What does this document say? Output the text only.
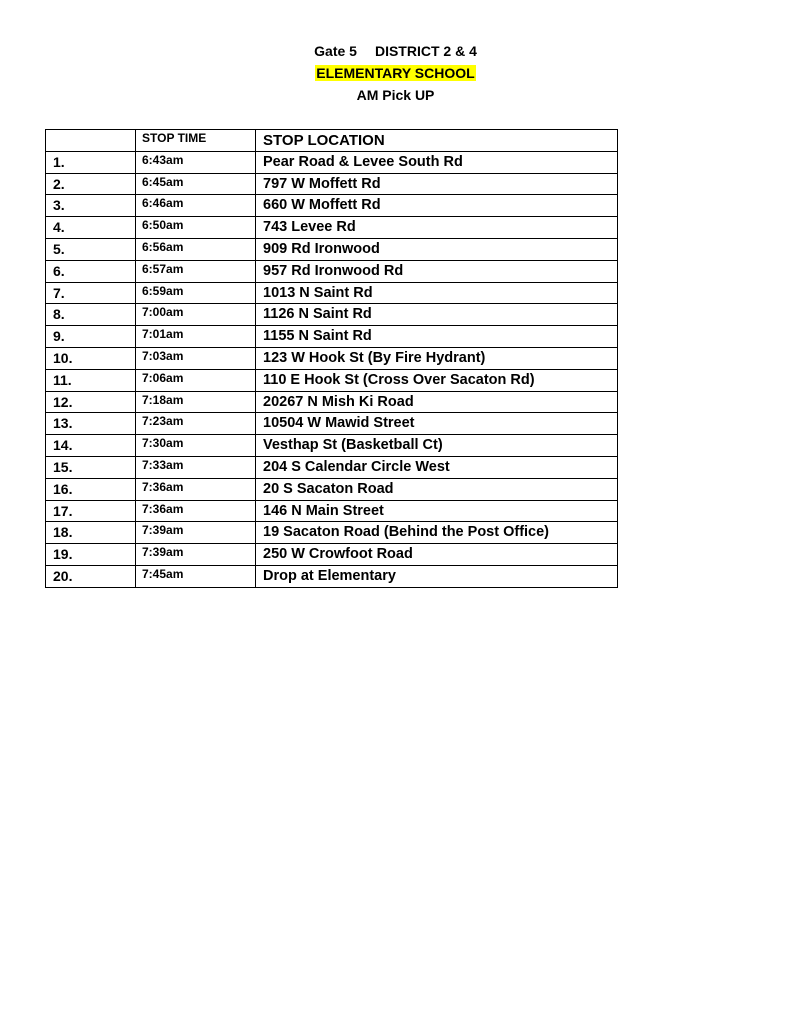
Gate 5 DISTRICT 2 & 4
ELEMENTARY SCHOOL
AM Pick UP
	STOP TIME	STOP LOCATION
1.	6:43am	Pear Road & Levee South Rd
2.	6:45am	797 W Moffett Rd
3.	6:46am	660 W Moffett Rd
4.	6:50am	743 Levee Rd
5.	6:56am	909 Rd Ironwood
6.	6:57am	957 Rd Ironwood Rd
7.	6:59am	1013 N Saint Rd
8.	7:00am	1126 N Saint Rd
9.	7:01am	1155 N Saint Rd
10.	7:03am	123 W Hook St (By Fire Hydrant)
11.	7:06am	110 E Hook St (Cross Over Sacaton Rd)
12.	7:18am	20267 N Mish Ki Road
13.	7:23am	10504 W Mawid Street
14.	7:30am	Vesthap St (Basketball Ct)
15.	7:33am	204 S Calendar Circle West
16.	7:36am	20 S Sacaton Road
17.	7:36am	146 N Main Street
18.	7:39am	19 Sacaton Road (Behind the Post Office)
19.	7:39am	250 W Crowfoot Road
20.	7:45am	Drop at Elementary
